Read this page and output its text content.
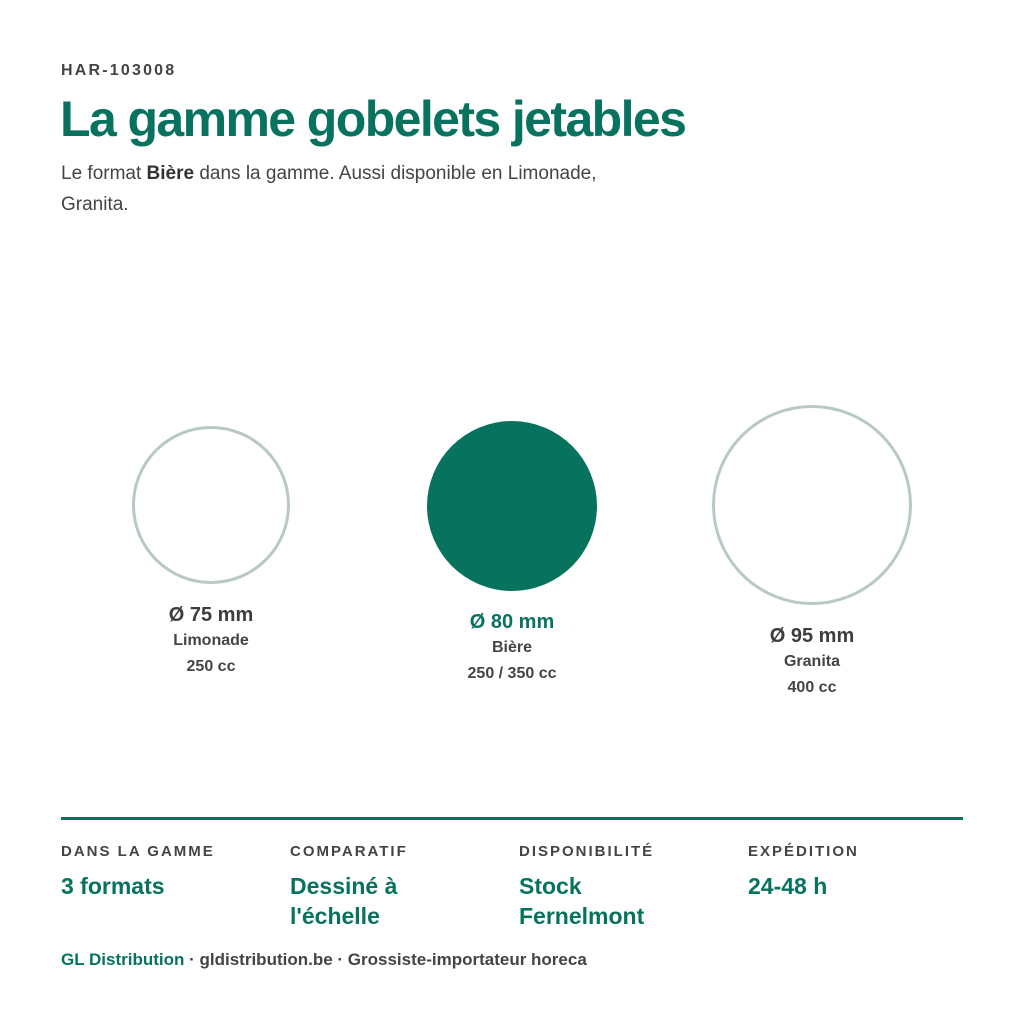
HAR-103008
La gamme gobelets jetables

Le format Bière dans la gamme. Aussi disponible en Limonade, Granita.

Ø 75 mm
Limonade
250 cc
Ø 80 mm
Bière
250 / 350 cc
Ø 95 mm
Granita
400 cc
DANS LA GAMME
3 formats
COMPARATIF
Dessiné à l'échelle
DISPONIBILITÉ
Stock Fernelmont
EXPÉDITION
24-48 h
GL Distribution · gldistribution.be · Grossiste-importateur horeca
